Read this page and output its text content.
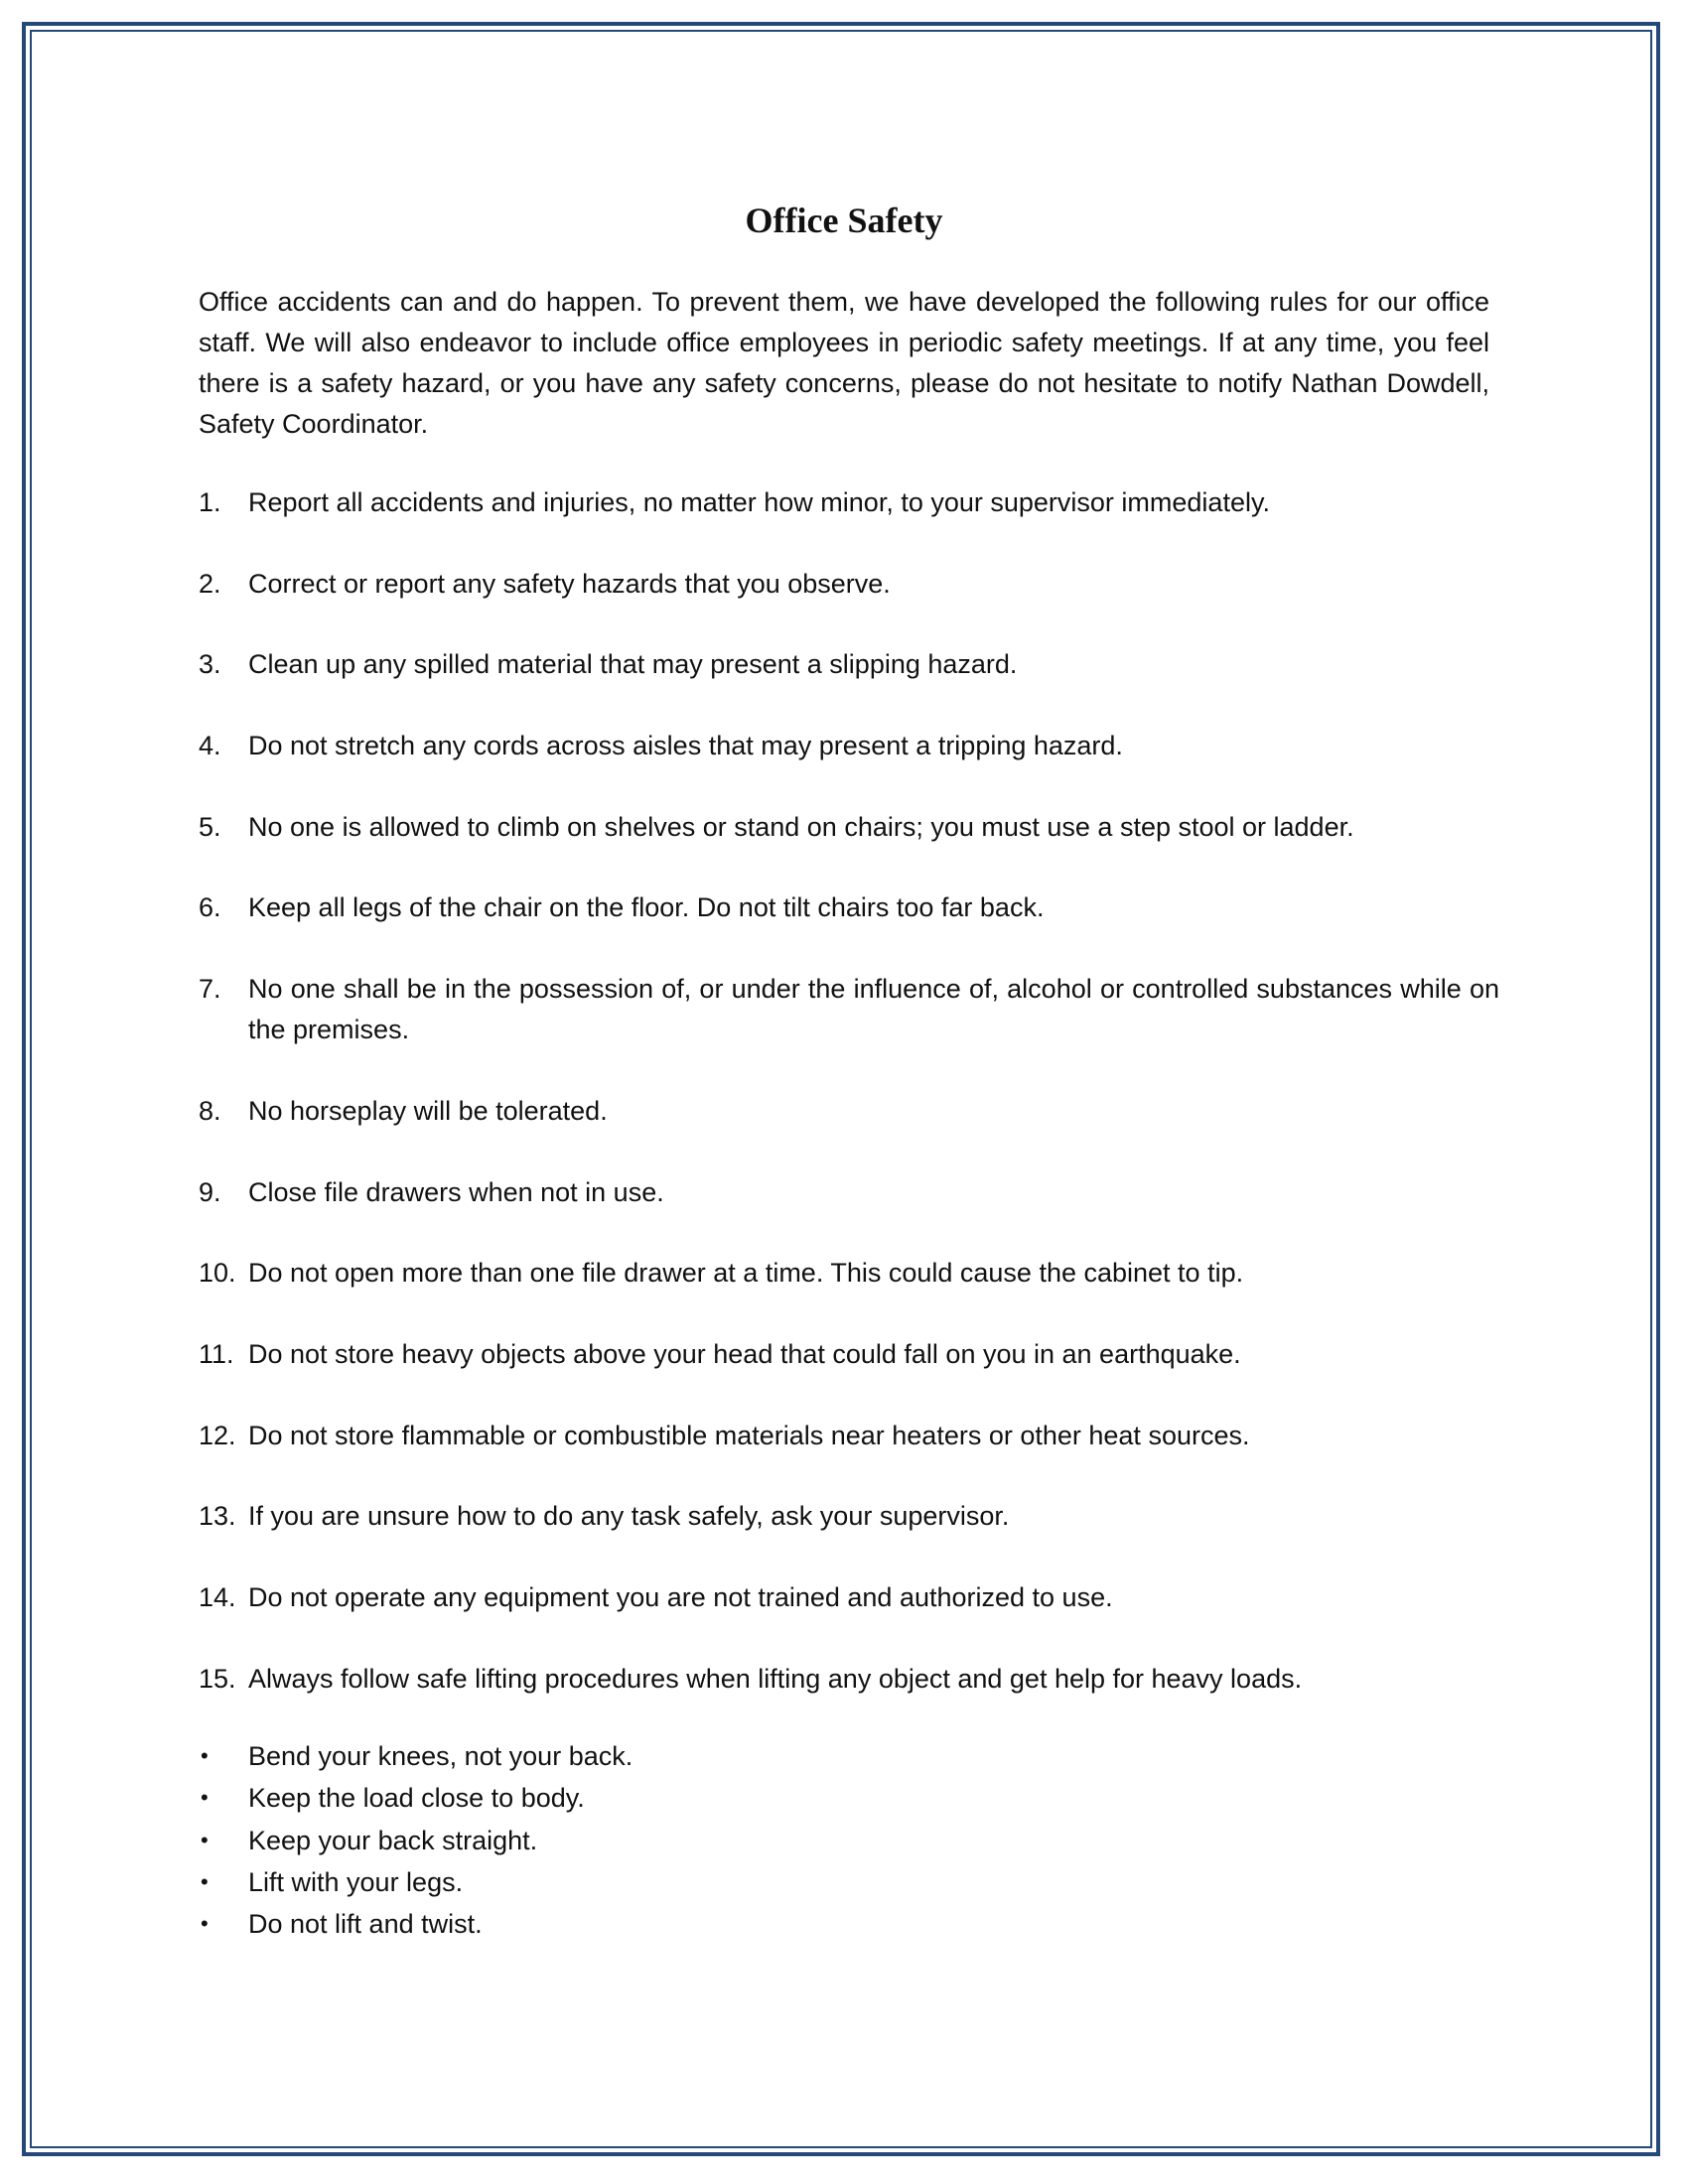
Office Safety

Office accidents can and do happen. To prevent them, we have developed the following rules for our office staff. We will also endeavor to include office employees in periodic safety meetings. If at any time, you feel there is a safety hazard, or you have any safety concerns, please do not hesitate to notify Nathan Dowdell, Safety Coordinator.

1. Report all accidents and injuries, no matter how minor, to your supervisor immediately.
2. Correct or report any safety hazards that you observe.
3. Clean up any spilled material that may present a slipping hazard.
4. Do not stretch any cords across aisles that may present a tripping hazard.
5. No one is allowed to climb on shelves or stand on chairs; you must use a step stool or ladder.
6. Keep all legs of the chair on the floor. Do not tilt chairs too far back.
7. No one shall be in the possession of, or under the influence of, alcohol or controlled substances while on the premises.
8. No horseplay will be tolerated.
9. Close file drawers when not in use.
10. Do not open more than one file drawer at a time. This could cause the cabinet to tip.
11. Do not store heavy objects above your head that could fall on you in an earthquake.
12. Do not store flammable or combustible materials near heaters or other heat sources.
13. If you are unsure how to do any task safely, ask your supervisor.
14. Do not operate any equipment you are not trained and authorized to use.
15. Always follow safe lifting procedures when lifting any object and get help for heavy loads.
• Bend your knees, not your back.
• Keep the load close to body.
• Keep your back straight.
• Lift with your legs.
• Do not lift and twist.
